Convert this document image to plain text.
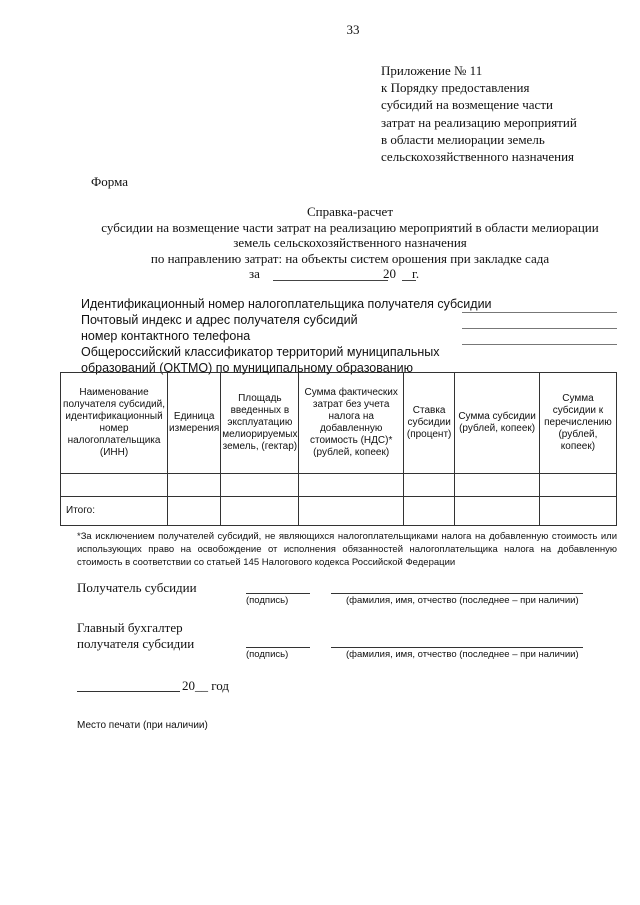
33
Приложение № 11
к Порядку предоставления
субсидий на возмещение части
затрат на реализацию мероприятий
в области мелиорации земель
сельскохозяйственного назначения
Форма
Справка-расчет
субсидии на возмещение части затрат на реализацию мероприятий в области мелиорации
земель сельскохозяйственного назначения
по направлению затрат: на объекты систем орошения при закладке сада
за	20 г.
Идентификационный номер налогоплательщика получателя субсидии
Почтовый индекс и адрес получателя субсидий
номер контактного телефона
Общероссийский классификатор территорий муниципальных
образований (ОКТМО) по муниципальному образованию
Наименование получателя субсидий, идентификационный номер налогоплательщика (ИНН)	Единица измерения	Площадь введенных в эксплуатацию мелиорируемых земель, (гектар)	Сумма фактических затрат без учета налога на добавленную стоимость (НДС)* (рублей, копеек)	Ставка субсидии (процент)	Сумма субсидии (рублей, копеек)	Сумма субсидии к перечислению (рублей, копеек)

Итого:						
*За исключением получателей субсидий, не являющихся налогоплательщиками налога на добавленную стоимость или использующих право на освобождение от исполнения обязанностей налогоплательщика налога на добавленную стоимость в соответствии со статьей 145 Налогового кодекса Российской Федерации
Получатель субсидии
(подпись)	(фамилия, имя, отчество (последнее – при наличии)
Главный бухгалтер
получателя субсидии
(подпись)	(фамилия, имя, отчество (последнее – при наличии)
20__ год
Место печати (при наличии)
